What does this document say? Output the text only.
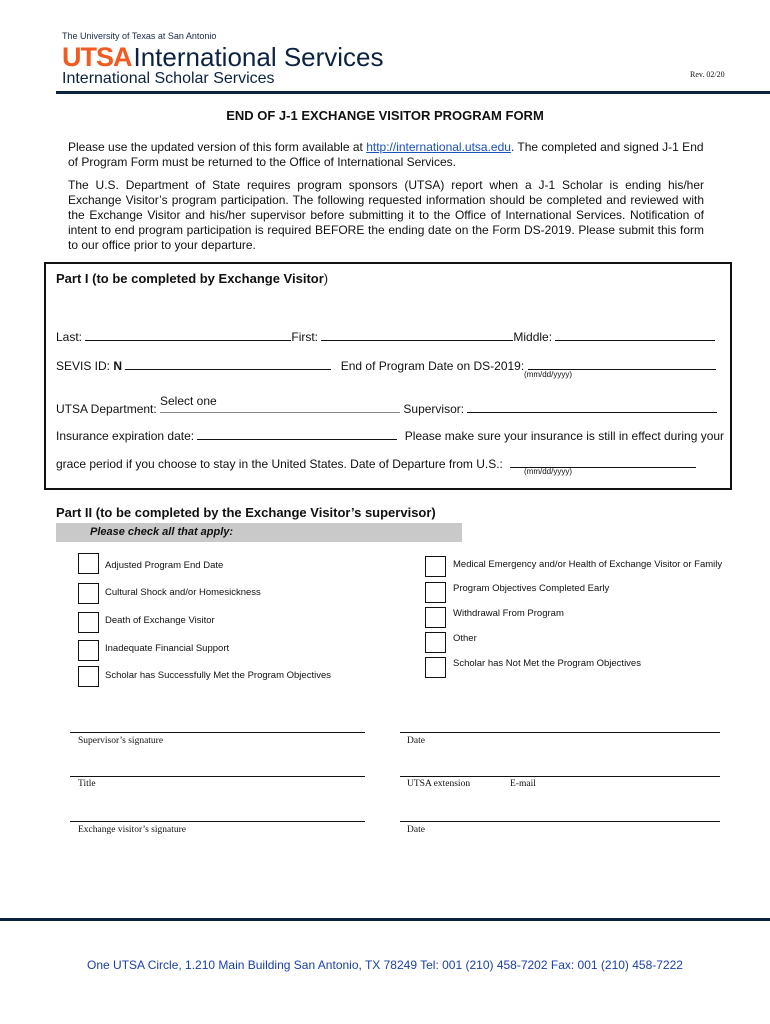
The University of Texas at San Antonio
UTSA International Services
International Scholar Services	Rev. 02/20
END OF J-1 EXCHANGE VISITOR PROGRAM FORM
Please use the updated version of this form available at http://international.utsa.edu. The completed and signed J-1 End of Program Form must be returned to the Office of International Services.
The U.S. Department of State requires program sponsors (UTSA) report when a J-1 Scholar is ending his/her Exchange Visitor’s program participation. The following requested information should be completed and reviewed with the Exchange Visitor and his/her supervisor before submitting it to the Office of International Services. Notification of intent to end program participation is required BEFORE the ending date on the Form DS-2019. Please submit this form to our office prior to your departure.
Part I (to be completed by Exchange Visitor)
Last:	First:	Middle:
SEVIS ID: N	End of Program Date on DS-2019:
(mm/dd/yyyy)
Select one
UTSA Department:	Supervisor:
Insurance expiration date:	Please make sure your insurance is still in effect during your
grace period if you choose to stay in the United States. Date of Departure from U.S.:
(mm/dd/yyyy)
Part II (to be completed by the Exchange Visitor’s supervisor)
Please check all that apply:
Adjusted Program End Date
Cultural Shock and/or Homesickness
Death of Exchange Visitor
Inadequate Financial Support
Scholar has Successfully Met the Program Objectives
Medical Emergency and/or Health of Exchange Visitor or Family
Program Objectives Completed Early
Withdrawal From Program
Other
Scholar has Not Met the Program Objectives
Supervisor’s signature	Date
Title	UTSA extension	E-mail
Exchange visitor’s signature	Date
One UTSA Circle, 1.210 Main Building San Antonio, TX 78249 Tel: 001 (210) 458-7202 Fax: 001 (210) 458-7222
